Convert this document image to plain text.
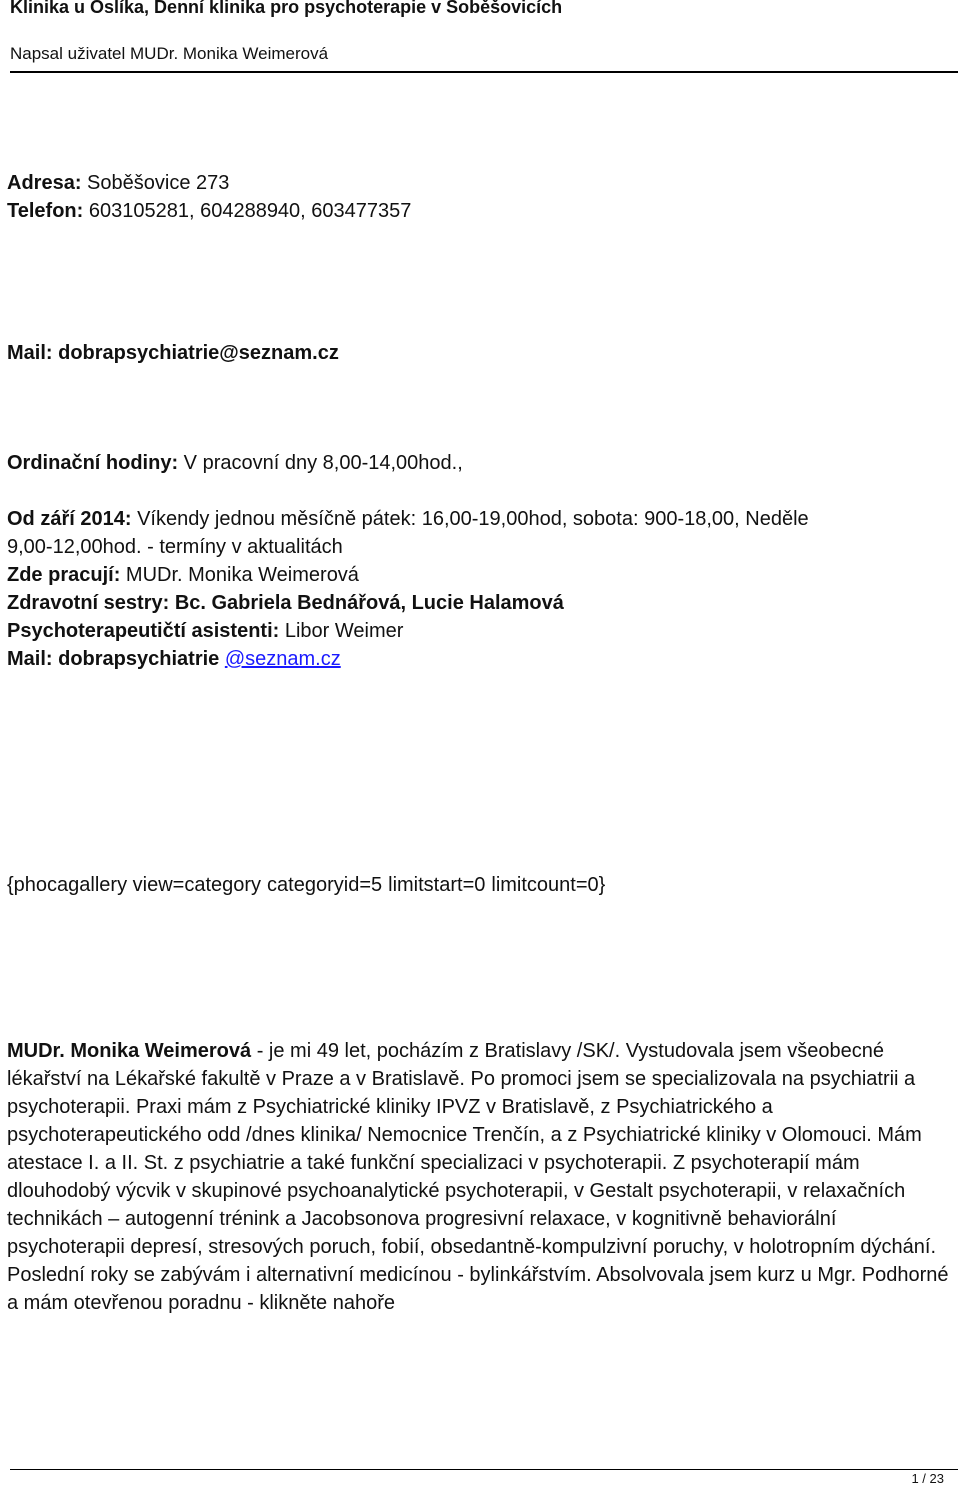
Klinika u Oslíka, Denní klinika pro psychoterapie v Soběšovicích
Napsal uživatel MUDr. Monika Weimerová
Adresa: Soběšovice 273
Telefon: 603105281, 604288940, 603477357
Mail: dobrapsychiatrie@seznam.cz
Ordinační hodiny: V pracovní dny 8,00-14,00hod.,
Od září 2014: Víkendy jednou měsíčně pátek: 16,00-19,00hod, sobota: 900-18,00, Neděle
9,00-12,00hod. - termíny v aktualitách
Zde pracují: MUDr. Monika Weimerová
Zdravotní sestry: Bc. Gabriela Bednářová, Lucie Halamová
Psychoterapeutičtí asistenti: Libor Weimer
Mail: dobrapsychiatrie @seznam.cz
{phocagallery view=category categoryid=5 limitstart=0 limitcount=0}

MUDr. Monika Weimerová - je mi 49 let, pocházím z Bratislavy /SK/. Vystudovala jsem všeobecné lékařství na Lékařské fakultě v Praze a v Bratislavě. Po promoci jsem se specializovala na psychiatrii a psychoterapii. Praxi mám z Psychiatrické kliniky IPVZ v Bratislavě, z Psychiatrického a psychoterapeutického odd /dnes klinika/ Nemocnice Trenčín, a z Psychiatrické kliniky v Olomouci. Mám atestace I. a II. St. z psychiatrie a také funkční specializaci v psychoterapii. Z psychoterapií mám dlouhodobý výcvik v skupinové psychoanalytické psychoterapii, v Gestalt psychoterapii, v relaxačních technikách – autogenní trénink a Jacobsonova progresivní relaxace, v kognitivně behaviorální psychoterapii depresí, stresových poruch, fobií, obsedantně-kompulzivní poruchy, v holotropním dýchání. Poslední roky se zabývám i alternativní medicínou - bylinkářstvím. Absolvovala jsem kurz u Mgr. Podhorné a mám otevřenou poradnu - klikněte nahoře

1 / 23
